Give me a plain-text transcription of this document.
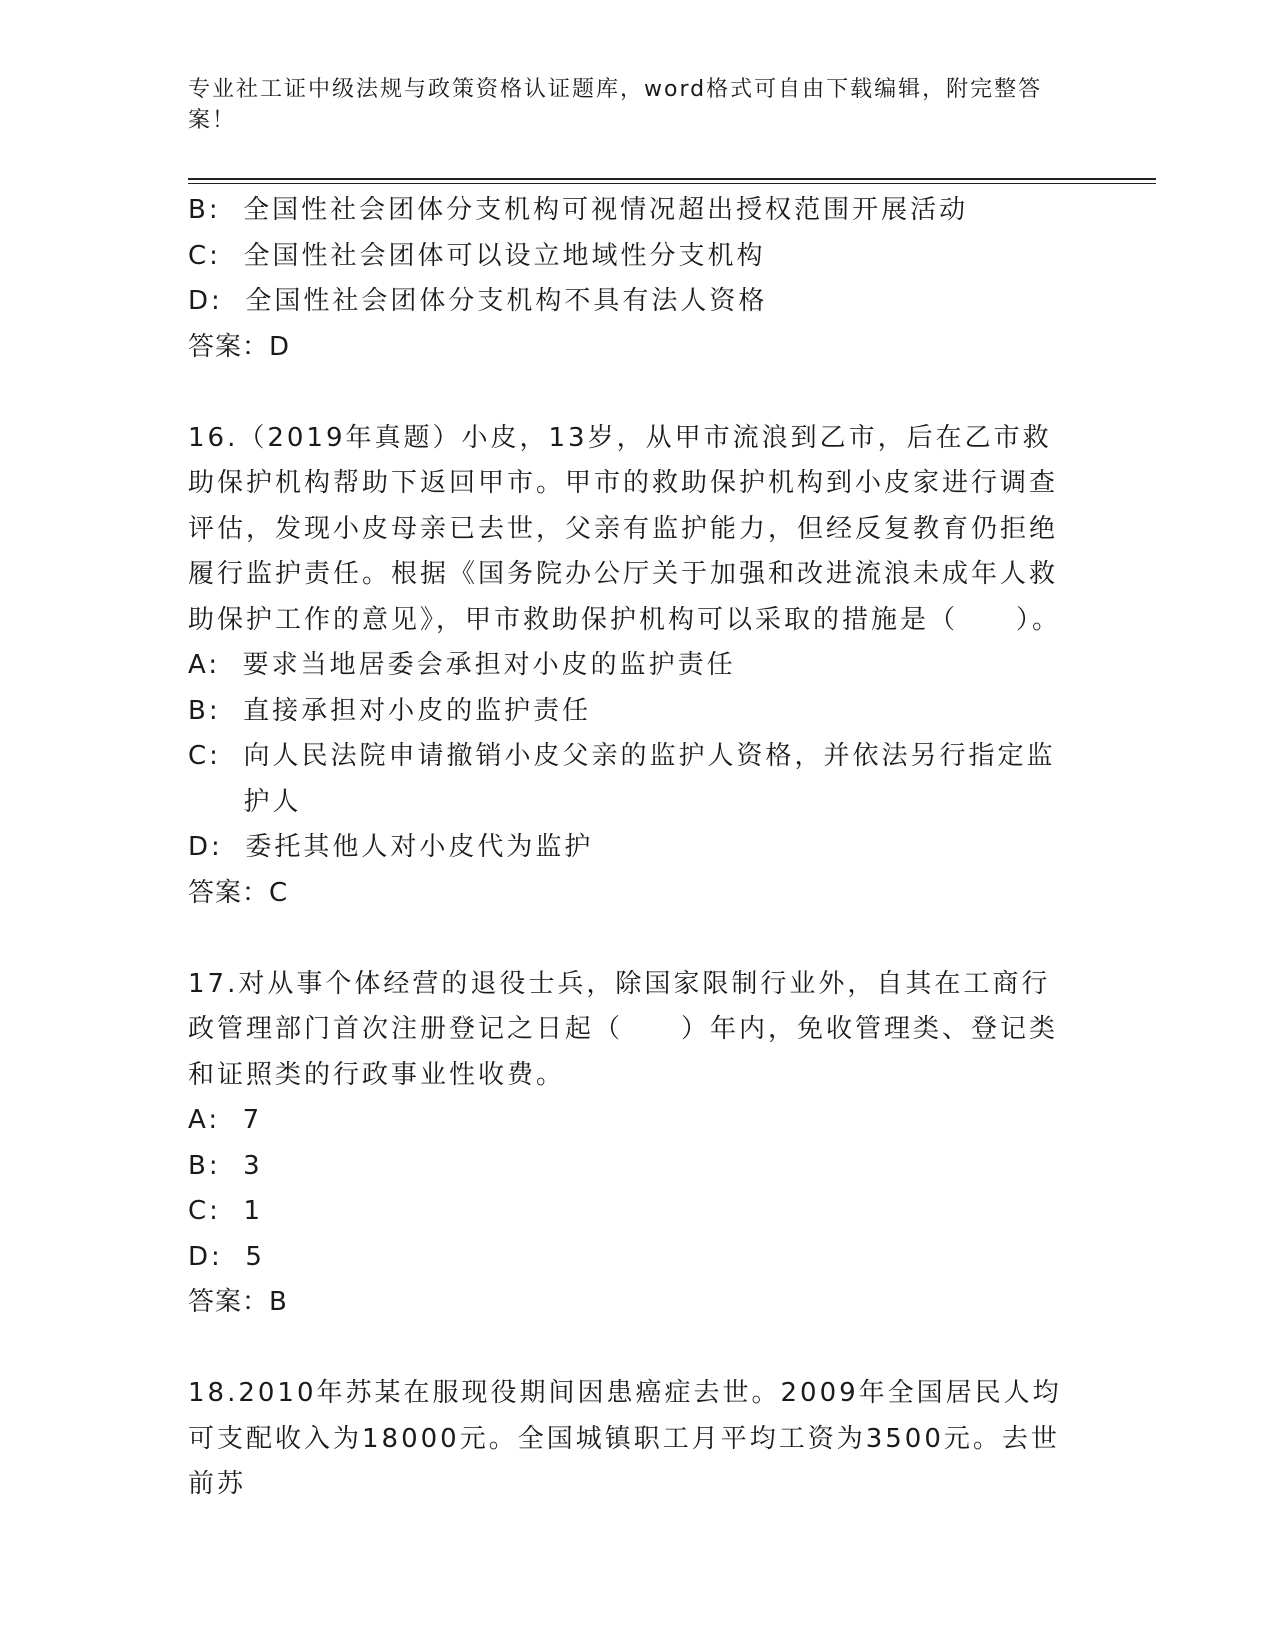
专业社工证中级法规与政策资格认证题库，word格式可自由下载编辑，附完整答案！
B: 全国性社会团体分支机构可视情况超出授权范围开展活动
C: 全国性社会团体可以设立地域性分支机构
D: 全国性社会团体分支机构不具有法人资格
答案：D
16.（2019年真题）小皮，13岁，从甲市流浪到乙市，后在乙市救助保护机构帮助下返回甲市。甲市的救助保护机构到小皮家进行调查评估，发现小皮母亲已去世，父亲有监护能力，但经反复教育仍拒绝履行监护责任。根据《国务院办公厅关于加强和改进流浪未成年人救助保护工作的意见》，甲市救助保护机构可以采取的措施是（　　）。
A: 要求当地居委会承担对小皮的监护责任
B: 直接承担对小皮的监护责任
C: 向人民法院申请撤销小皮父亲的监护人资格，并依法另行指定监护人
D: 委托其他人对小皮代为监护
答案：C
17.对从事个体经营的退役士兵，除国家限制行业外，自其在工商行政管理部门首次注册登记之日起（　　）年内，免收管理类、登记类和证照类的行政事业性收费。
A: 7
B: 3
C: 1
D: 5
答案：B
18.2010年苏某在服现役期间因患癌症去世。2009年全国居民人均可支配收入为18000元。全国城镇职工月平均工资为3500元。去世前苏
